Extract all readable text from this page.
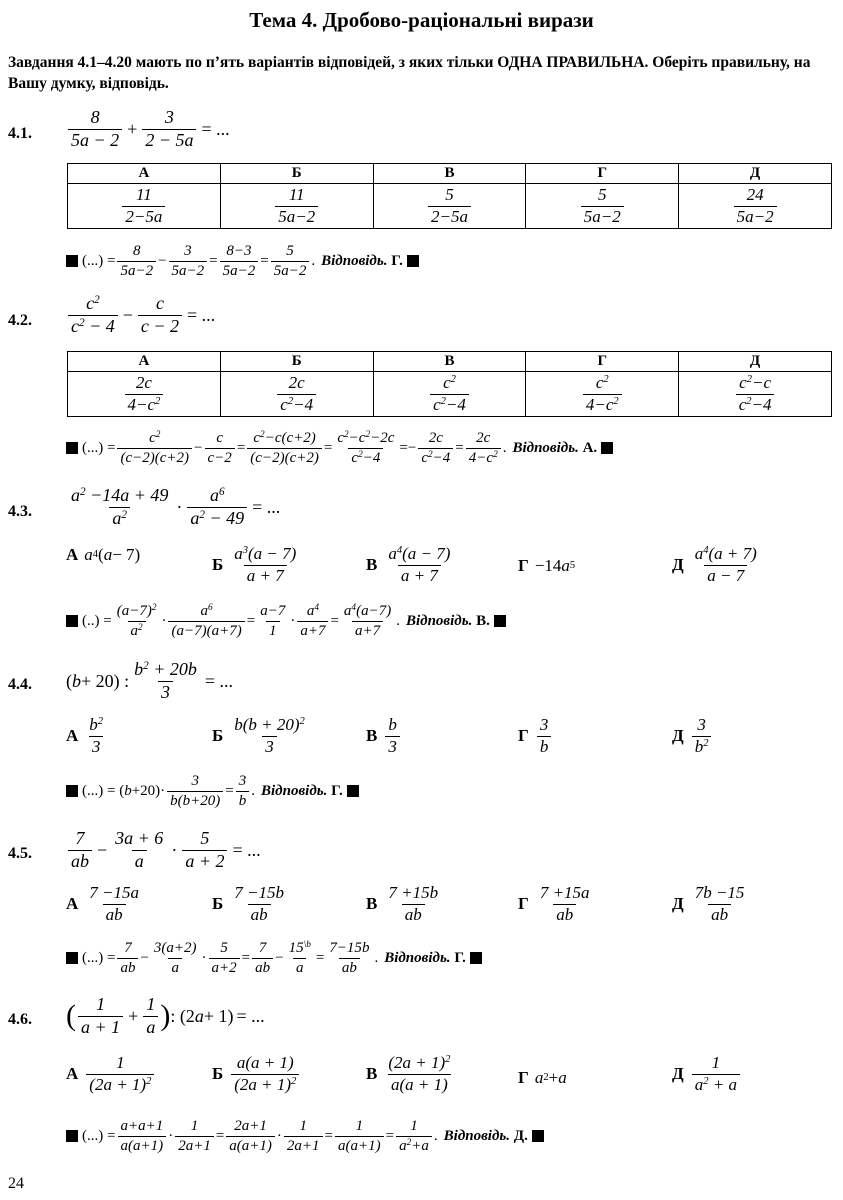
Тема 4. Дробово-раціональні вирази
Завдання 4.1–4.20 мають по п’ять варіантів відповідей, з яких тільки ОДНА ПРАВИЛЬНА. Оберіть правильну, на Вашу думку, відповідь.
4.1. $\frac{8}{5a - 2} + \frac{3}{2 - 5a}$ = ...
А	Б	В	Г	Д

$\frac{11}{2-5a}$	$\frac{11}{5a-2}$	$\frac{5}{2-5a}$	$\frac{5}{5a-2}$	$\frac{24}{5a-2}$
(...) = $\frac{8}{5a-2} - \frac{3}{5a-2} = \frac{8-3}{5a-2} = \frac{5}{5a-2}$ . Відповідь. Г.
4.2. $\frac{c^2}{c^2 - 4} - \frac{c}{c - 2}$ = ...
А	Б	В	Г	Д

$\frac{2c}{4-c^2}$	$\frac{2c}{c^2-4}$	$\frac{c^2}{c^2-4}$	$\frac{c^2}{4-c^2}$	$\frac{c^2-c}{c^2-4}$
(...) = $\frac{c^2}{(c-2)(c+2)} - \frac{c}{c-2} = \frac{c^2-c(c+2)}{(c-2)(c+2)} = \frac{c^2-c^2-2c}{c^2-4} =- \frac{2c}{c^2-4} = \frac{2c}{4-c^2}$ . Відповідь. А.
4.3. $\frac{a^2 -14a + 49}{a^2} \cdot \frac{a^6}{a^2 - 49}$ = ...
А a 4 ( a − 7)
Б $\frac{a^3(a - 7)}{a + 7}$	В $\frac{a^4(a - 7)}{a + 7}$	Г −14 a 5	Д $\frac{a^4(a + 7)}{a - 7}$
(..) = $\frac{(a-7)^2}{a^2} \cdot \frac{a^6}{(a-7)(a+7)} = \frac{a-7}{1} \cdot \frac{a^4}{a+7} = \frac{a^4(a-7)}{a+7}$ . Відповідь. В.
4.4. ( b + 20) : $\frac{b^2 + 20b}{3}$ = ...
А $\frac{b^2}{3}$	Б $\frac{b(b + 20)^2}{3}$	В $\frac{b}{3}$	Г $\frac{3}{b}$	Д $\frac{3}{b^2}$
(...) = ( $b +20)\cdot \frac{3}{b(b+20)} = \frac{3}{b}$ . Відповідь. Г.
4.5. $\frac{7}{ab} - \frac{3a + 6}{a} \cdot \frac{5}{a + 2}$ = ...
А $\frac{7 -15a}{ab}$	Б $\frac{7 -15b}{ab}$	В $\frac{7 +15b}{ab}$	Г $\frac{7 +15a}{ab}$	Д $\frac{7b -15}{ab}$
(...) = $\frac{7}{ab} - \frac{3(a+2)}{a} \cdot \frac{5}{a+2} = \frac{7}{ab} - \frac{15^{\backslash b}}{a} = \frac{7-15b}{ab}$ . Відповідь. Г.
4.6. ( $\frac{1}{a + 1} + \frac{1}{a}$ ) : (2 a + 1) = ...
А $\frac{1}{(2a + 1)^2}$	Б $\frac{a(a + 1)}{(2a + 1)^2}$	В $\frac{(2a + 1)^2}{a(a + 1)}$	Г a 2 + a	Д $\frac{1}{a^2 + a}$
(...) = $\frac{a+a+1}{a(a+1)} \cdot \frac{1}{2a+1} = \frac{2a+1}{a(a+1)} \cdot \frac{1}{2a+1} = \frac{1}{a(a+1)} = \frac{1}{a^2+a}$ . Відповідь. Д.
24
